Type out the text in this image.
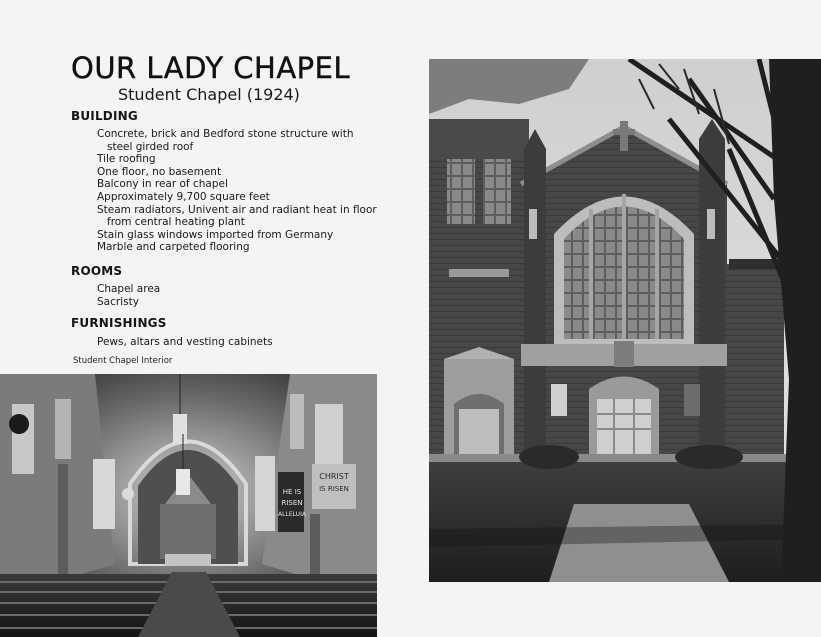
OUR LADY CHAPEL

Student Chapel (1924)

BUILDING
Concrete, brick and Bedford stone structure with steel girded roof
Tile roofing
One floor, no basement
Balcony in rear of chapel
Approximately 9,700 square feet
Steam radiators, Univent air and radiant heat in floor from central heating plant
Stain glass windows imported from Germany
Marble and carpeted flooring
ROOMS
Chapel area
Sacristy
FURNISHINGS
Pews, altars and vesting cabinets

Student Chapel Interior

HE IS
RISEN
ALLELUIA
CHRIST
IS RISEN
